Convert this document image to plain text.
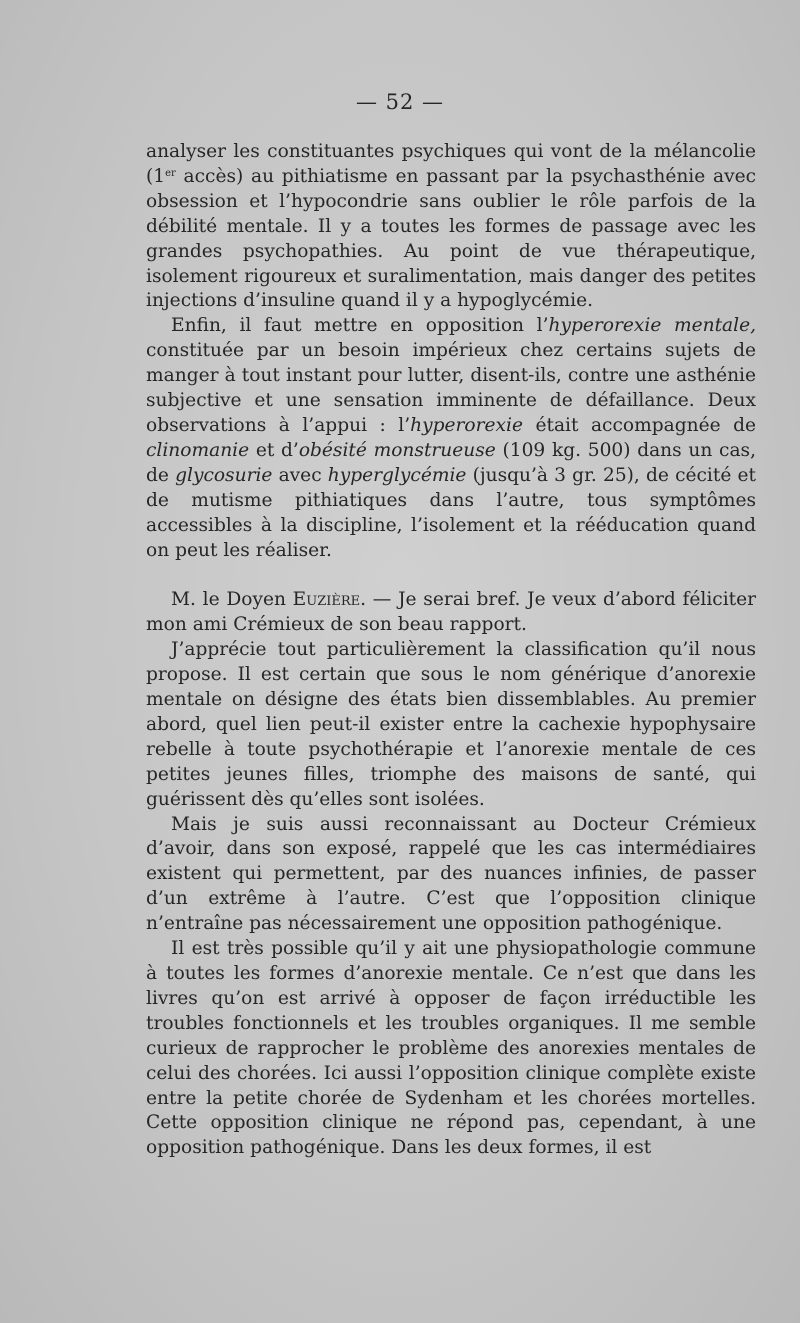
— 52 —

analyser les constituantes psychiques qui vont de la mélancolie (1er accès) au pithiatisme en passant par la psychasthénie avec obsession et l’hypocondrie sans oublier le rôle parfois de la débilité mentale. Il y a toutes les formes de passage avec les grandes psychopathies. Au point de vue thérapeutique, isolement rigoureux et suralimentation, mais danger des petites injections d’insuline quand il y a hypoglycémie.

Enfin, il faut mettre en opposition l’hyperorexie mentale, constituée par un besoin impérieux chez certains sujets de manger à tout instant pour lutter, disent-ils, contre une asthénie subjective et une sensation imminente de défaillance. Deux observations à l’appui : l’hyperorexie était accompagnée de clinomanie et d’obésité monstrueuse (109 kg. 500) dans un cas, de glycosurie avec hyperglycémie (jusqu’à 3 gr. 25), de cécité et de mutisme pithiatiques dans l’autre, tous symptômes accessibles à la discipline, l’isolement et la rééducation quand on peut les réaliser.

M. le Doyen Euzière. — Je serai bref. Je veux d’abord féliciter mon ami Crémieux de son beau rapport.

J’apprécie tout particulièrement la classification qu’il nous propose. Il est certain que sous le nom générique d’anorexie mentale on désigne des états bien dissemblables. Au premier abord, quel lien peut-il exister entre la cachexie hypophysaire rebelle à toute psychothérapie et l’anorexie mentale de ces petites jeunes filles, triomphe des maisons de santé, qui guérissent dès qu’elles sont isolées.

Mais je suis aussi reconnaissant au Docteur Crémieux d’avoir, dans son exposé, rappelé que les cas intermédiaires existent qui permettent, par des nuances infinies, de passer d’un extrême à l’autre. C’est que l’opposition clinique n’entraîne pas nécessairement une opposition pathogénique.

Il est très possible qu’il y ait une physiopathologie commune à toutes les formes d’anorexie mentale. Ce n’est que dans les livres qu’on est arrivé à opposer de façon irréductible les troubles fonctionnels et les troubles organiques. Il me semble curieux de rapprocher le problème des anorexies mentales de celui des chorées. Ici aussi l’opposition clinique complète existe entre la petite chorée de Sydenham et les chorées mortelles. Cette opposition clinique ne répond pas, cependant, à une opposition pathogénique. Dans les deux formes, il est
